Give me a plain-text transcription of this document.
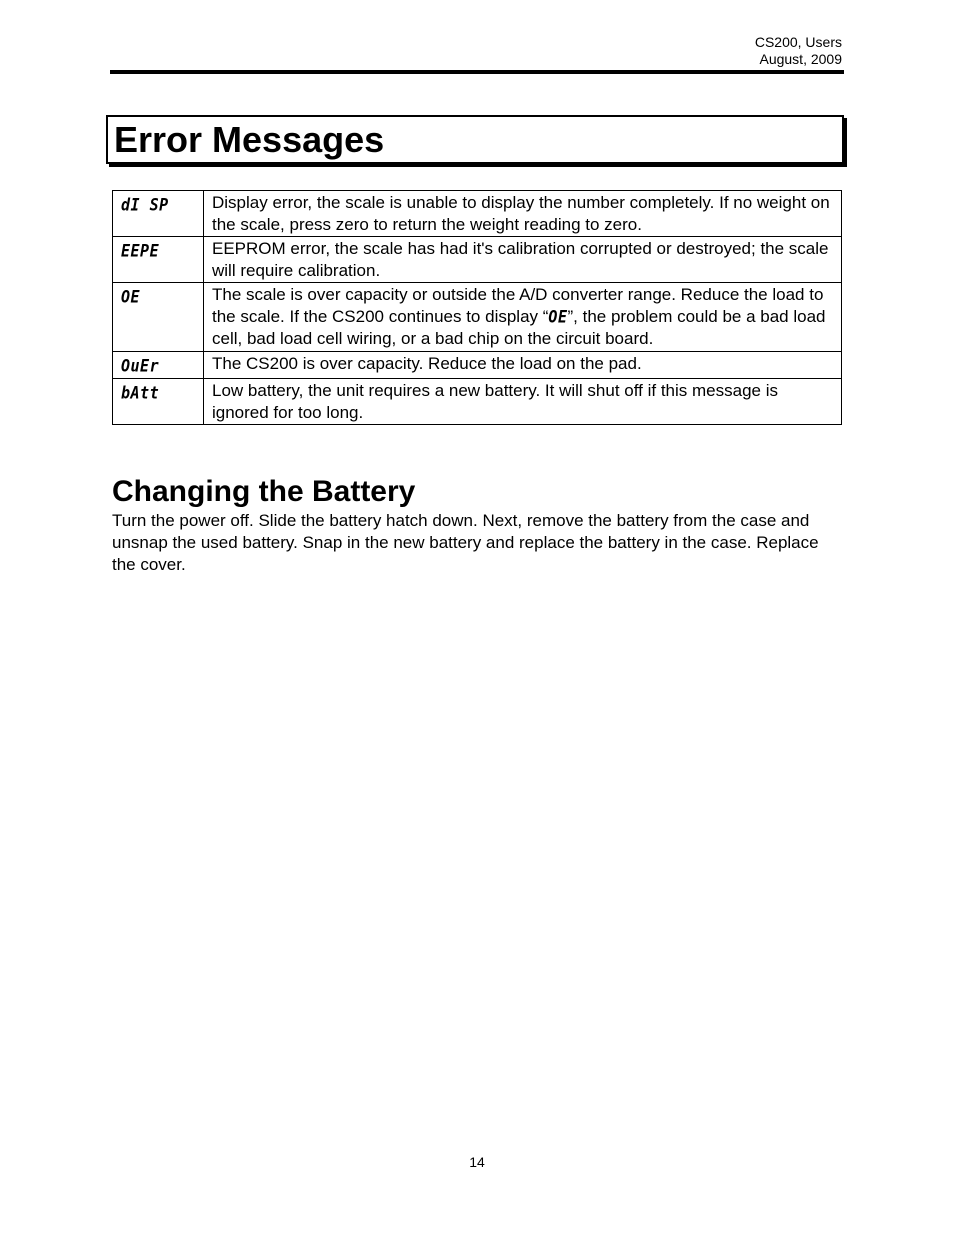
CS200, Users
August, 2009
Error Messages
dI SP	Display error, the scale is unable to display the number completely. If no weight on the scale, press zero to return the weight reading to zero.
EEPE	EEPROM error, the scale has had it's calibration corrupted or destroyed; the scale will require calibration.
OE	The scale is over capacity or outside the A/D converter range. Reduce the load to the scale. If the CS200 continues to display “OE”, the problem could be a bad load cell, bad load cell wiring, or a bad chip on the circuit board.
OuEr	The CS200 is over capacity. Reduce the load on the pad.
bAtt	Low battery, the unit requires a new battery. It will shut off if this message is ignored for too long.
Changing the Battery

Turn the power off. Slide the battery hatch down. Next, remove the battery from the case and unsnap the used battery. Snap in the new battery and replace the battery in the case. Replace the cover.

14
